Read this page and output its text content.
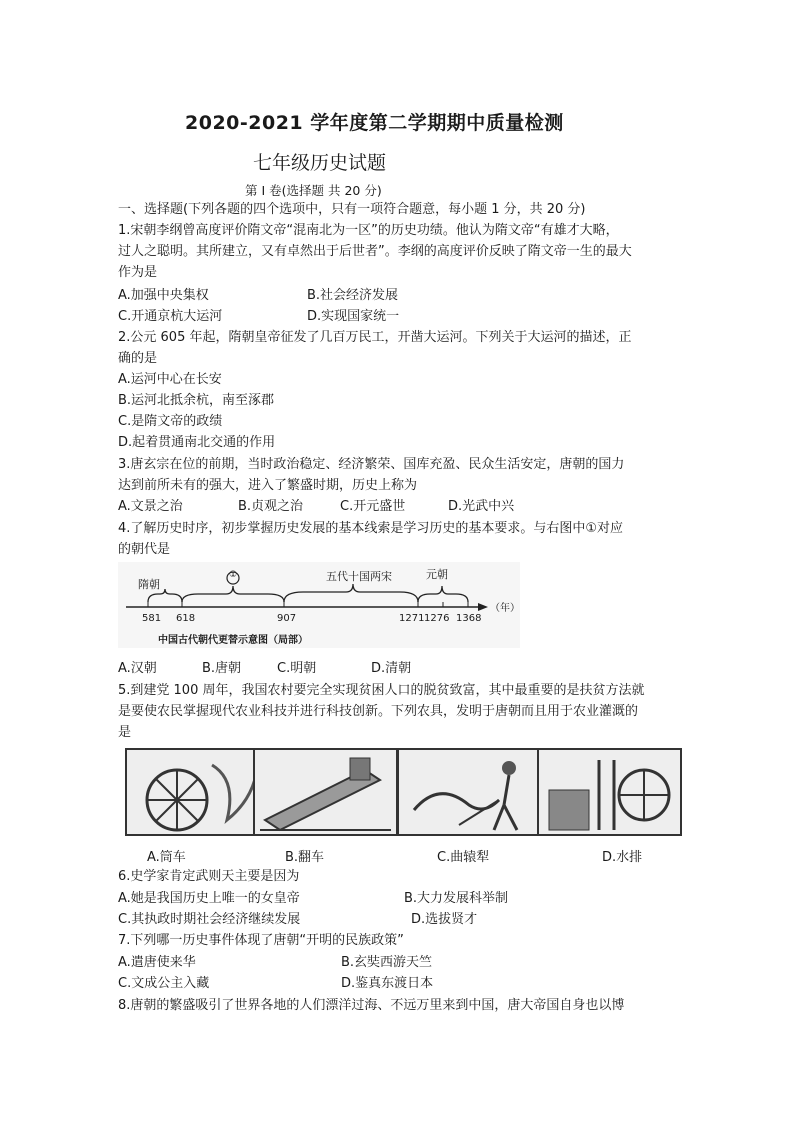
2020-2021 学年度第二学期期中质量检测
七年级历史试题
第 I 卷(选择题 共 20 分)
一、选择题(下列各题的四个选项中，只有一项符合题意，每小题 1 分，共 20 分)
1.宋朝李纲曾高度评价隋文帝“混南北为一区”的历史功绩。他认为隋文帝“有雄才大略，
过人之聪明。其所建立，又有卓然出于后世者”。李纲的高度评价反映了隋文帝一生的最大
作为是
A.加强中央集权	B.社会经济发展
C.开通京杭大运河	D.实现国家统一
2.公元 605 年起，隋朝皇帝征发了几百万民工，开凿大运河。下列关于大运河的描述，正
确的是
A.运河中心在长安
B.运河北抵余杭，南至涿郡
C.是隋文帝的政绩
D.起着贯通南北交通的作用
3.唐玄宗在位的前期，当时政治稳定、经济繁荣、国库充盈、民众生活安定，唐朝的国力
达到前所未有的强大，进入了繁盛时期，历史上称为
A.文景之治	B.贞观之治	C.开元盛世	D.光武中兴
4.了解历史时序，初步掌握历史发展的基本线索是学习历史的基本要求。与右图中①对应
的朝代是
隋朝
①	五代十国两宋	元朝
581 618	907	1271 1276 1368
（年）
中国古代朝代更替示意图（局部）
A.汉朝	B.唐朝	C.明朝	D.清朝
5.到建党 100 周年，我国农村要完全实现贫困人口的脱贫致富，其中最重要的是扶贫方法就
是要使农民掌握现代农业科技并进行科技创新。下列农具，发明于唐朝而且用于农业灌溉的
是
A.筒车	B.翻车	C.曲辕犁	D.水排
6.史学家肯定武则天主要是因为
A.她是我国历史上唯一的女皇帝	B.大力发展科举制
C.其执政时期社会经济继续发展	D.选拔贤才
7.下列哪一历史事件体现了唐朝“开明的民族政策”
A.遣唐使来华	B.玄奘西游天竺
C.文成公主入藏	D.鉴真东渡日本
8.唐朝的繁盛吸引了世界各地的人们漂洋过海、不远万里来到中国，唐大帝国自身也以博
